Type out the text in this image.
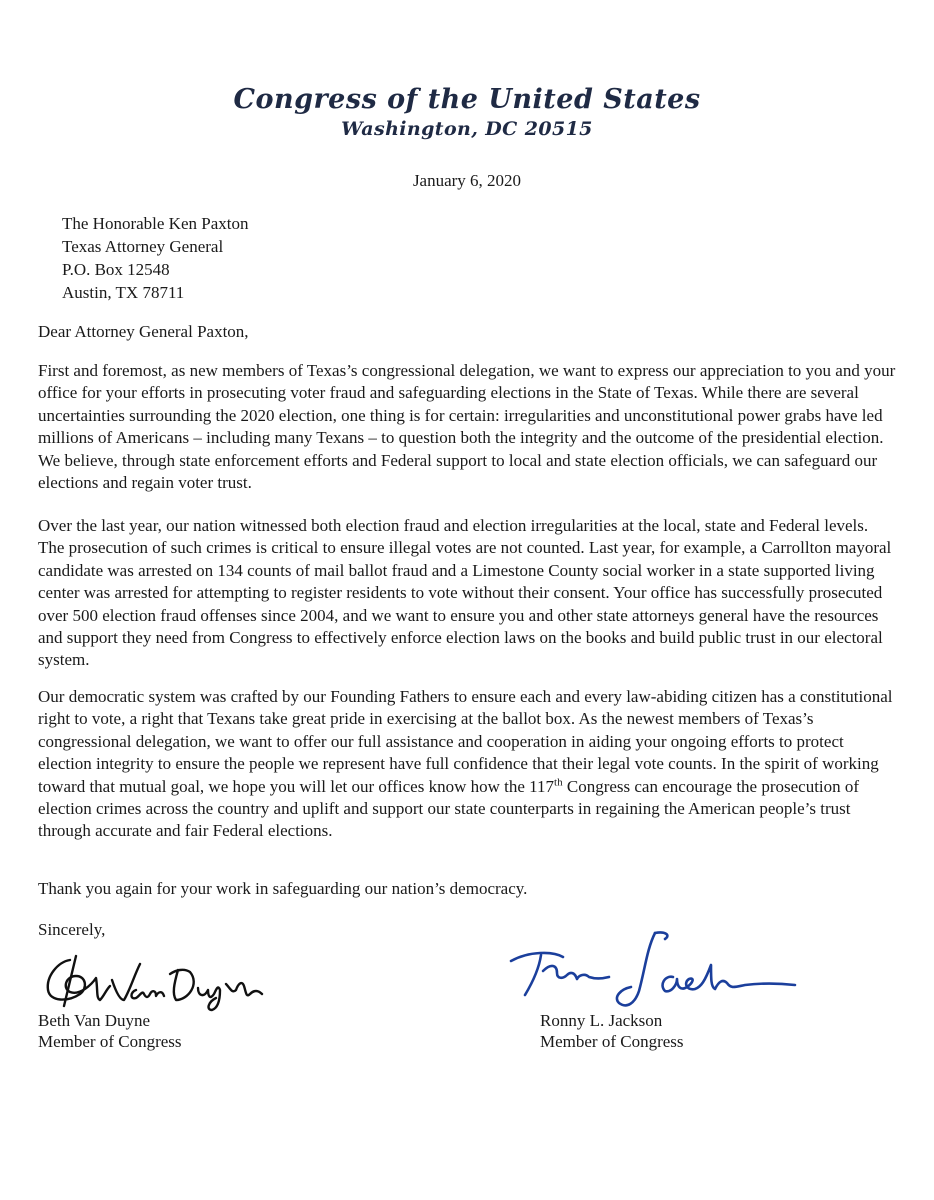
Congress of the United States
Washington, DC 20515
January 6, 2020
The Honorable Ken Paxton
Texas Attorney General
P.O. Box 12548
Austin, TX 78711
Dear Attorney General Paxton,

First and foremost, as new members of Texas’s congressional delegation, we want to express our appreciation to you and your office for your efforts in prosecuting voter fraud and safeguarding elections in the State of Texas. While there are several uncertainties surrounding the 2020 election, one thing is for certain: irregularities and unconstitutional power grabs have led millions of Americans – including many Texans – to question both the integrity and the outcome of the presidential election. We believe, through state enforcement efforts and Federal support to local and state election officials, we can safeguard our elections and regain voter trust.

Over the last year, our nation witnessed both election fraud and election irregularities at the local, state and Federal levels. The prosecution of such crimes is critical to ensure illegal votes are not counted. Last year, for example, a Carrollton mayoral candidate was arrested on 134 counts of mail ballot fraud and a Limestone County social worker in a state supported living center was arrested for attempting to register residents to vote without their consent. Your office has successfully prosecuted over 500 election fraud offenses since 2004, and we want to ensure you and other state attorneys general have the resources and support they need from Congress to effectively enforce election laws on the books and build public trust in our electoral system.

Our democratic system was crafted by our Founding Fathers to ensure each and every law-abiding citizen has a constitutional right to vote, a right that Texans take great pride in exercising at the ballot box. As the newest members of Texas’s congressional delegation, we want to offer our full assistance and cooperation in aiding your ongoing efforts to protect election integrity to ensure the people we represent have full confidence that their legal vote counts. In the spirit of working toward that mutual goal, we hope you will let our offices know how the 117th Congress can encourage the prosecution of election crimes across the country and uplift and support our state counterparts in regaining the American people’s trust through accurate and fair Federal elections.

Thank you again for your work in safeguarding our nation’s democracy.

Sincerely,
Beth Van Duyne
Member of Congress
Ronny L. Jackson
Member of Congress
